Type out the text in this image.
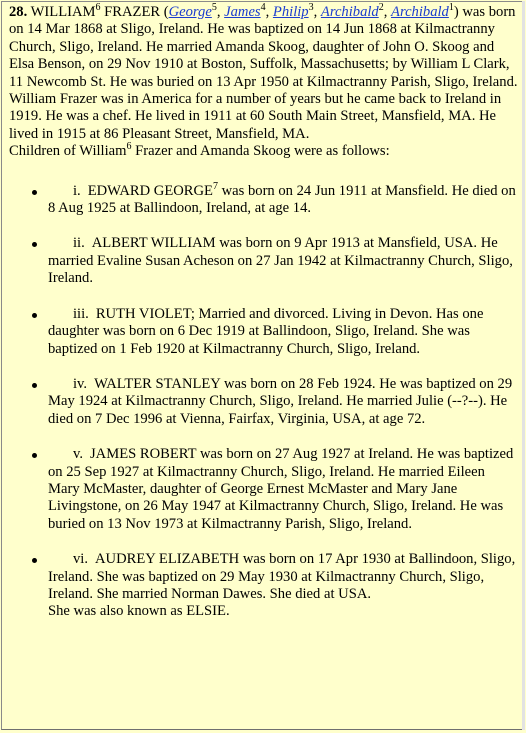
28. WILLIAM$^6$ FRAZER (George$^5$, James$^4$, Philip$^3$, Archibald$^2$, Archibald$^1$) was born on 14 Mar 1868 at Sligo, Ireland. He was baptized on 14 Jun 1868 at Kilmactranny Church, Sligo, Ireland. He married Amanda Skoog, daughter of John O. Skoog and Elsa Benson, on 29 Nov 1910 at Boston, Suffolk, Massachusetts; by William L Clark, 11 Newcomb St. He was buried on 13 Apr 1950 at Kilmactranny Parish, Sligo, Ireland.

William Frazer was in America for a number of years but he came back to Ireland in 1919. He was a chef. He lived in 1911 at 60 South Main Street, Mansfield, MA. He lived in 1915 at 86 Pleasant Street, Mansfield, MA.

Children of William$^6$ Frazer and Amanda Skoog were as follows:

i. EDWARD GEORGE$^7$ was born on 24 Jun 1911 at Mansfield. He died on 8 Aug 1925 at Ballindoon, Ireland, at age 14.
ii. ALBERT WILLIAM was born on 9 Apr 1913 at Mansfield, USA. He married Evaline Susan Acheson on 27 Jan 1942 at Kilmactranny Church, Sligo, Ireland.
iii. RUTH VIOLET; Married and divorced. Living in Devon. Has one daughter was born on 6 Dec 1919 at Ballindoon, Sligo, Ireland. She was baptized on 1 Feb 1920 at Kilmactranny Church, Sligo, Ireland.
iv. WALTER STANLEY was born on 28 Feb 1924. He was baptized on 29 May 1924 at Kilmactranny Church, Sligo, Ireland. He married Julie (--?--). He died on 7 Dec 1996 at Vienna, Fairfax, Virginia, USA, at age 72.
v. JAMES ROBERT was born on 27 Aug 1927 at Ireland. He was baptized on 25 Sep 1927 at Kilmactranny Church, Sligo, Ireland. He married Eileen Mary McMaster, daughter of George Ernest McMaster and Mary Jane Livingstone, on 26 May 1947 at Kilmactranny Church, Sligo, Ireland. He was buried on 13 Nov 1973 at Kilmactranny Parish, Sligo, Ireland.
vi. AUDREY ELIZABETH was born on 17 Apr 1930 at Ballindoon, Sligo, Ireland. She was baptized on 29 May 1930 at Kilmactranny Church, Sligo, Ireland. She married Norman Dawes. She died at USA.
She was also known as ELSIE.
